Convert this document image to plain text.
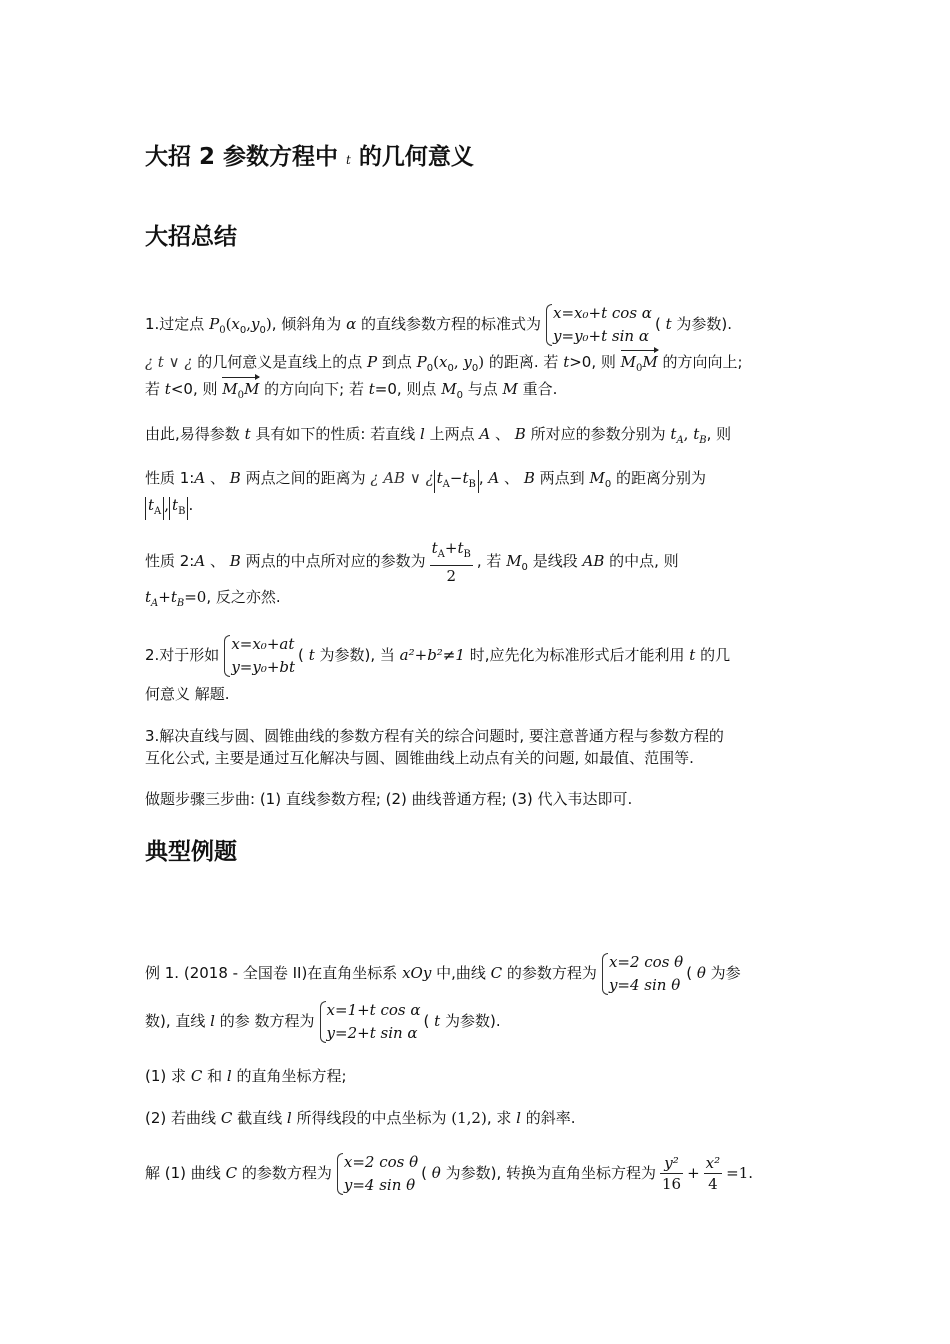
大招 2 参数方程中 t 的几何意义
大招总结
1.过定点 $P_0(x_0,y_0)$, 倾斜角为 α 的直线参数方程的标准式为
x=x₀+t cos α
y=y₀+t sin α
( t 为参数).
¿ t ∨ ¿ 的几何意义是直线上的点 P 到点 $P_0(x_0$, $y_0$) 的距离. 若 t>0, 则 $M_0M$ 的方向向上;
若 t<0, 则 $M_0M$ 的方向向下; 若 t=0, 则点 $M_0$ 与点 M 重合.
由此,易得参数 t 具有如下的性质: 若直线 l 上两点 A 、 B 所对应的参数分别为 $t_A$, $t_B$, 则
性质 1:A 、 B 两点之间的距离为 ¿ AB ∨ ¿ $t_A-t_B$ , A 、 B 两点到 $M_0$ 的距离分别为
$t_A$ , $t_B$ .
性质 2:A 、 B 两点的中点所对应的参数为 $\frac{t_A+t_B}{2}$ , 若 $M_0$ 是线段 AB 的中点, 则
$t_A+t_B=0$, 反之亦然.
2.对于形如
x=x₀+at
y=y₀+bt
( t 为参数), 当 a²+b²≠1 时,应先化为标准形式后才能利用 t 的几
何意义 解题.
3.解决直线与圆、圆锥曲线的参数方程有关的综合问题时, 要注意普通方程与参数方程的
互化公式, 主要是通过互化解决与圆、圆锥曲线上动点有关的问题, 如最值、范围等.
做题步骤三步曲: (1) 直线参数方程; (2) 曲线普通方程; (3) 代入韦达即可.
典型例题
例 1. (2018 - 全国卷 II)在直角坐标系 xOy 中,曲线 C 的参数方程为
x=2 cos θ
y=4 sin θ
( θ 为参
数), 直线 l 的参 数方程为
x=1+t cos α
y=2+t sin α
( t 为参数).
(1) 求 C 和 l 的直角坐标方程;
(2) 若曲线 C 截直线 l 所得线段的中点坐标为 (1,2), 求 l 的斜率.
解 (1) 曲线 C 的参数方程为
x=2 cos θ
y=4 sin θ
( θ 为参数), 转换为直角坐标方程为 $\frac{\text{y²}}{16} + \frac{\text{x²}}{4} =1$.
